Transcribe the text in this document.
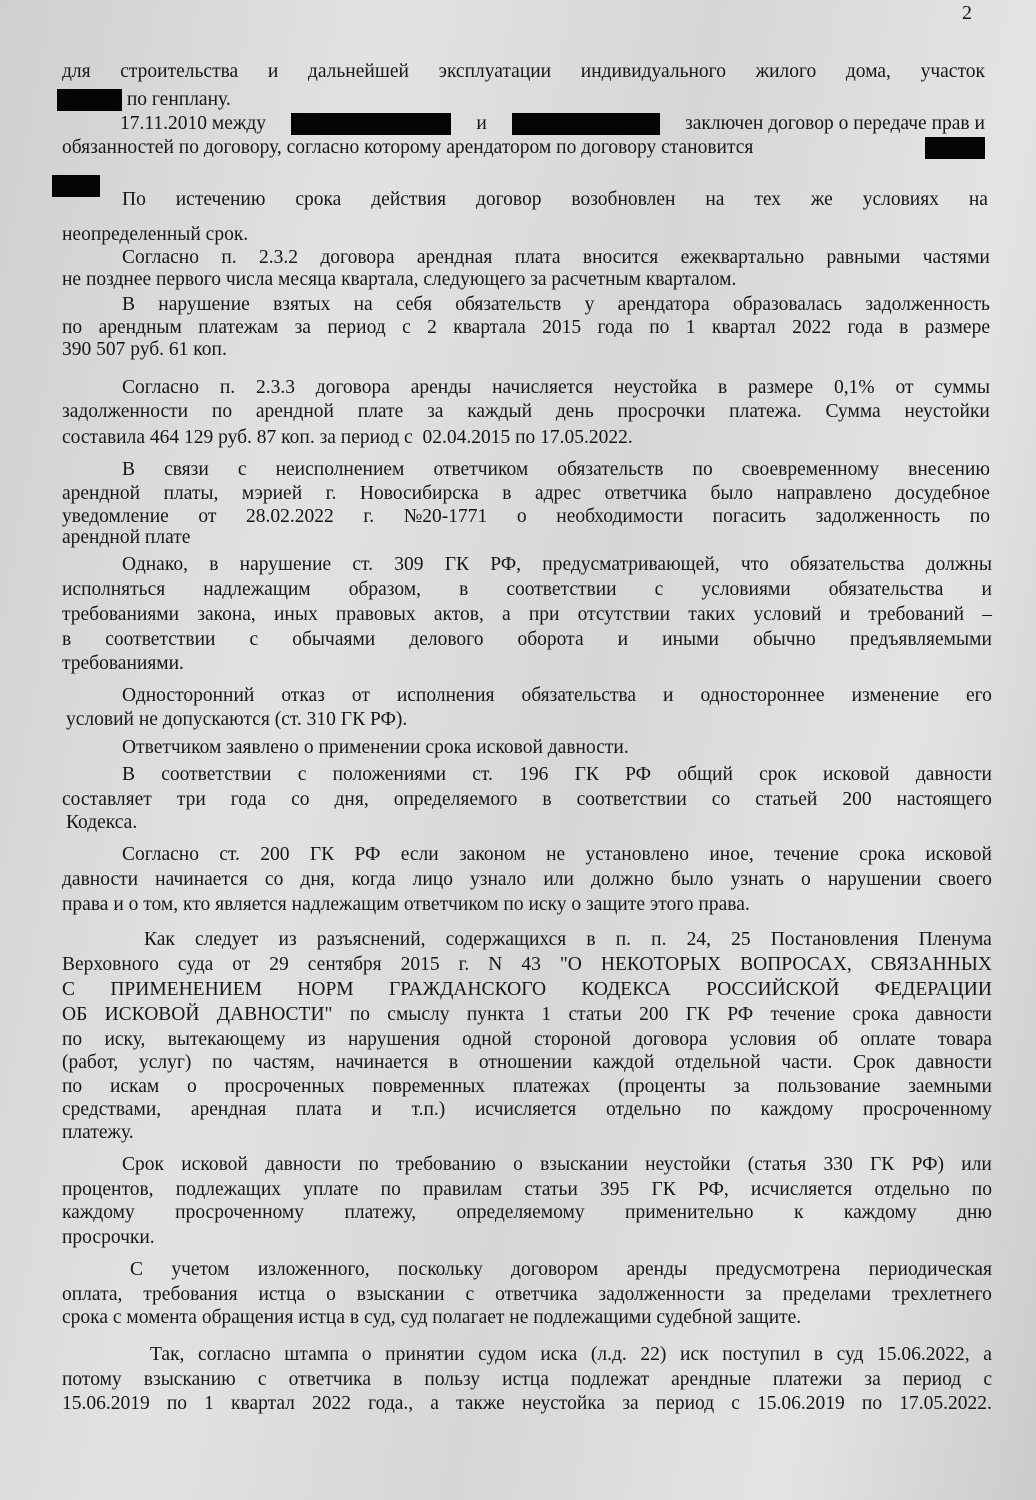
2
для строительства и дальнейшей эксплуатации индивидуального жилого дома, участок
по генплану.
17.11.2010 между	и	заключен договор о передаче прав и
обязанностей по договору, согласно которому арендатором по договору становится
По истечению срока действия договор возобновлен на тех же условиях на
неопределенный срок.
Согласно п. 2.3.2 договора арендная плата вносится ежеквартально равными частями
не позднее первого числа месяца квартала, следующего за расчетным кварталом.
В нарушение взятых на себя обязательств у арендатора образовалась задолженность
по арендным платежам за период с 2 квартала 2015 года по 1 квартал 2022 года в размере
390 507 руб. 61 коп.
Согласно п. 2.3.3 договора аренды начисляется неустойка в размере 0,1% от суммы
задолженности по арендной плате за каждый день просрочки платежа. Сумма неустойки
составила 464 129 руб. 87 коп. за период с  02.04.2015 по 17.05.2022.
В связи с неисполнением ответчиком обязательств по своевременному внесению
арендной платы, мэрией г. Новосибирска в адрес ответчика было направлено досудебное
уведомление от 28.02.2022 г. №20-1771 о необходимости погасить задолженность по
арендной плате
Однако, в нарушение ст. 309 ГК РФ, предусматривающей, что обязательства должны
исполняться надлежащим образом, в соответствии с условиями обязательства и
требованиями закона, иных правовых актов, а при отсутствии таких условий и требований –
в соответствии с обычаями делового оборота и иными обычно предъявляемыми
требованиями.
Односторонний отказ от исполнения обязательства и одностороннее изменение его
условий не допускаются (ст. 310 ГК РФ).
Ответчиком заявлено о применении срока исковой давности.
В соответствии с положениями ст. 196 ГК РФ общий срок исковой давности
составляет три года со дня, определяемого в соответствии со статьей 200 настоящего
Кодекса.
Согласно ст. 200 ГК РФ если законом не установлено иное, течение срока исковой
давности начинается со дня, когда лицо узнало или должно было узнать о нарушении своего
права и о том, кто является надлежащим ответчиком по иску о защите этого права.
Как следует из разъяснений, содержащихся в п. п. 24, 25 Постановления Пленума
Верховного суда от 29 сентября 2015 г. N 43 "О НЕКОТОРЫХ ВОПРОСАХ, СВЯЗАННЫХ
С ПРИМЕНЕНИЕМ НОРМ ГРАЖДАНСКОГО КОДЕКСА РОССИЙСКОЙ ФЕДЕРАЦИИ
ОБ ИСКОВОЙ ДАВНОСТИ" по смыслу пункта 1 статьи 200 ГК РФ течение срока давности
по иску, вытекающему из нарушения одной стороной договора условия об оплате товара
(работ, услуг) по частям, начинается в отношении каждой отдельной части. Срок давности
по искам о просроченных повременных платежах (проценты за пользование заемными
средствами, арендная плата и т.п.) исчисляется отдельно по каждому просроченному
платежу.
Срок исковой давности по требованию о взыскании неустойки (статья 330 ГК РФ) или
процентов, подлежащих уплате по правилам статьи 395 ГК РФ, исчисляется отдельно по
каждому просроченному платежу, определяемому применительно к каждому дню
просрочки.
С учетом изложенного, поскольку договором аренды предусмотрена периодическая
оплата, требования истца о взыскании с ответчика задолженности за пределами трехлетнего
срока с момента обращения истца в суд, суд полагает не подлежащими судебной защите.
Так, согласно штампа о принятии судом иска (л.д. 22) иск поступил в суд 15.06.2022, а
потому взысканию с ответчика в пользу истца подлежат арендные платежи за период с
15.06.2019 по 1 квартал 2022 года., а также неустойка за период с 15.06.2019 по 17.05.2022.
